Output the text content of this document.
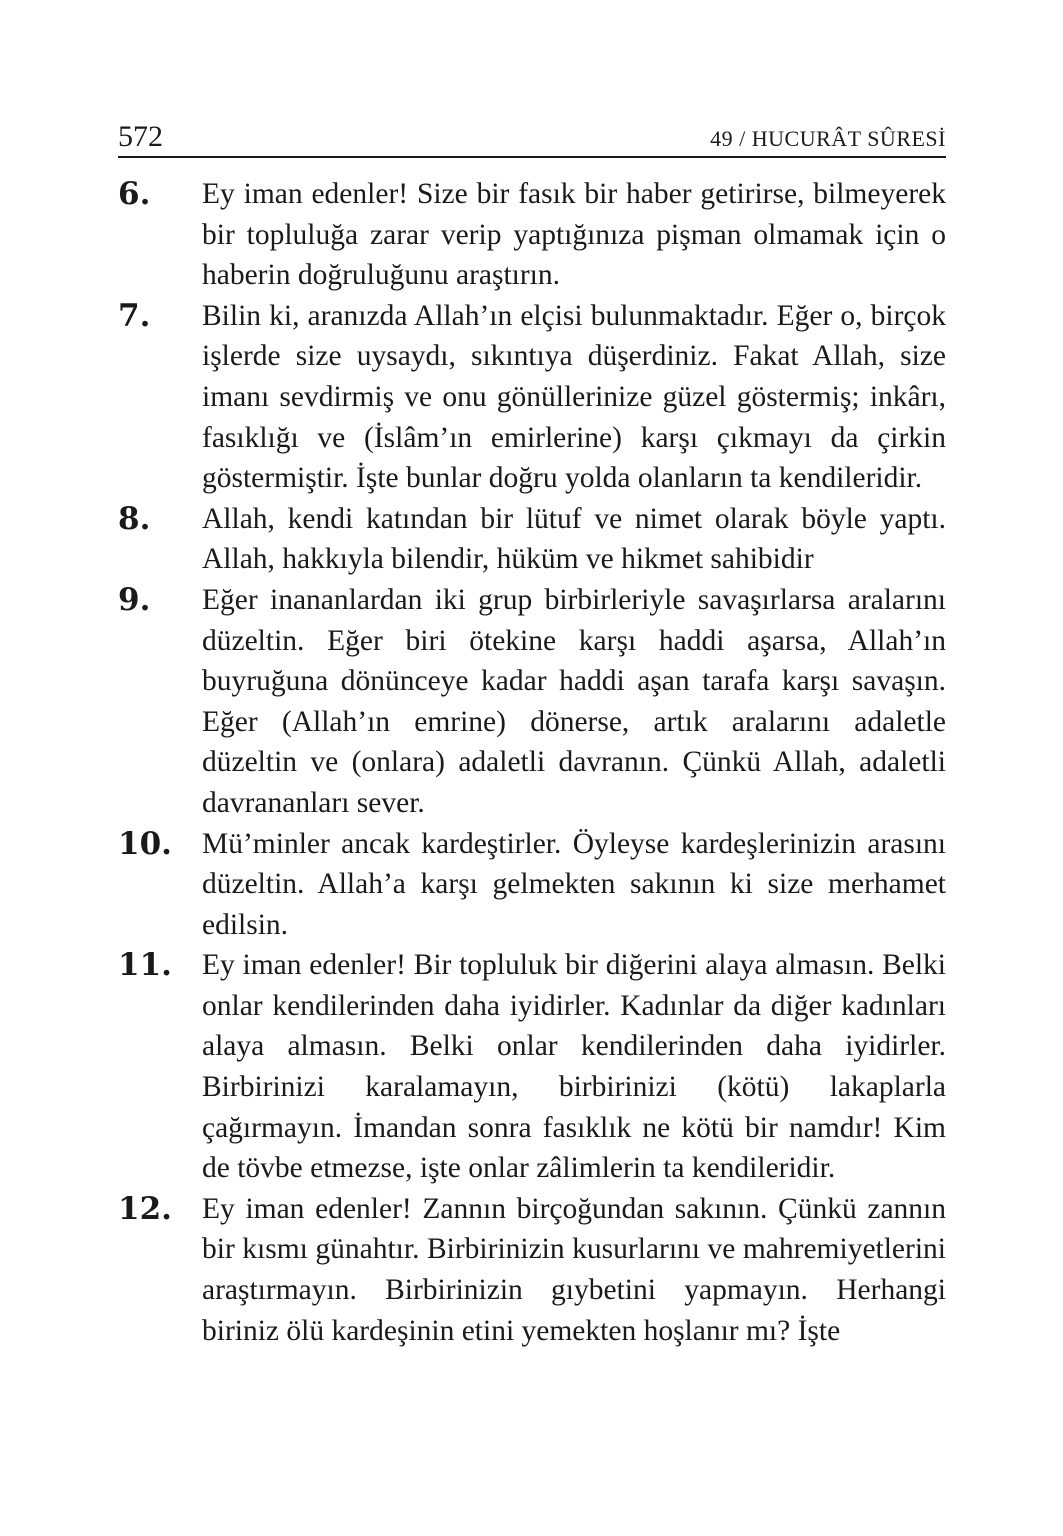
572	49 / HUCURÂT SÛRESİ
6.	Ey iman edenler! Size bir fasık bir haber getirirse, bilmeyerek bir topluluğa zarar verip yaptığınıza pişman olmamak için o haberin doğruluğunu araştırın.

7.	Bilin ki, aranızda Allah’ın elçisi bulunmaktadır. Eğer o, birçok işlerde size uysaydı, sıkıntıya düşerdiniz. Fakat Allah, size imanı sevdirmiş ve onu gönüllerinize güzel göstermiş; inkârı, fasıklığı ve (İslâm’ın emirlerine) karşı çıkmayı da çirkin göstermiştir. İşte bunlar doğru yolda olanların ta kendileridir.

8.	Allah, kendi katından bir lütuf ve nimet olarak böyle yaptı. Allah, hakkıyla bilendir, hüküm ve hikmet sahibidir

9.	Eğer inananlardan iki grup birbirleriyle savaşırlarsa aralarını düzeltin. Eğer biri ötekine karşı haddi aşarsa, Allah’ın buyruğuna dönünceye kadar haddi aşan tarafa karşı savaşın. Eğer (Allah’ın emrine) dönerse, artık aralarını adaletle düzeltin ve (onlara) adaletli davranın. Çünkü Allah, adaletli davrananları sever.

10.	Mü’minler ancak kardeştirler. Öyleyse kardeşlerinizin arasını düzeltin. Allah’a karşı gelmekten sakının ki size merhamet edilsin.

11.	Ey iman edenler! Bir topluluk bir diğerini alaya almasın. Belki onlar kendilerinden daha iyidirler. Kadınlar da diğer kadınları alaya almasın. Belki onlar kendilerinden daha iyidirler. Birbirinizi karalamayın, birbirinizi (kötü) lakaplarla çağırmayın. İmandan sonra fasıklık ne kötü bir namdır! Kim de tövbe etmezse, işte onlar zâlimlerin ta kendileridir.

12.	Ey iman edenler! Zannın birçoğundan sakının. Çünkü zannın bir kısmı günahtır. Birbirinizin kusurlarını ve mahremiyetlerini araştırmayın. Birbirinizin gıybetini yapmayın. Herhangi biriniz ölü kardeşinin etini yemekten hoşlanır mı? İşte
